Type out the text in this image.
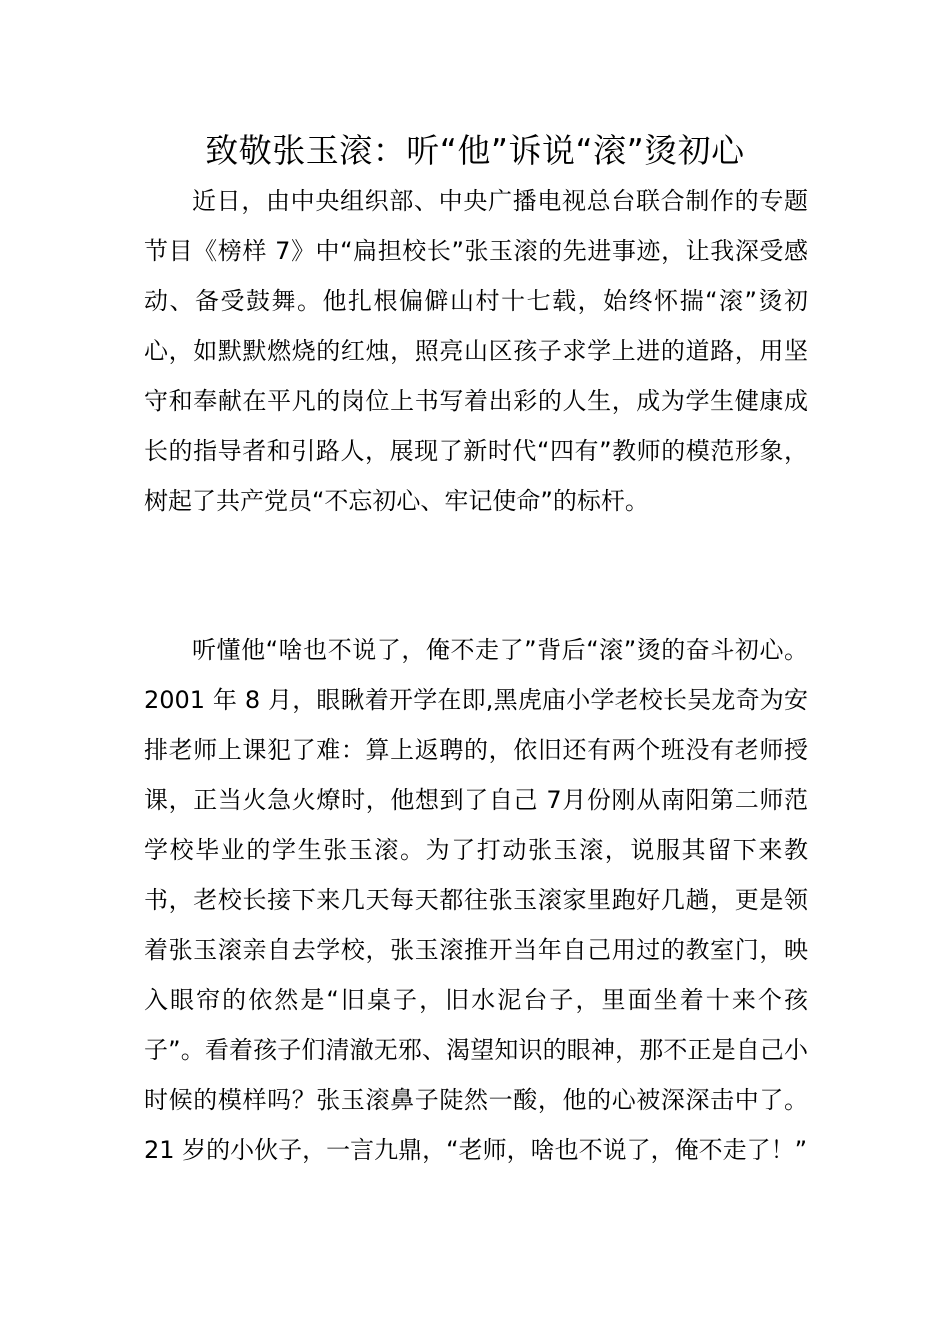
致敬张玉滚：听“他”诉说“滚”烫初心

近日，由中央组织部、中央广播电视总台联合制作的专题节目《榜样 7》中“扁担校长”张玉滚的先进事迹，让我深受感动、备受鼓舞。他扎根偏僻山村十七载，始终怀揣“滚”烫初心，如默默燃烧的红烛，照亮山区孩子求学上进的道路，用坚守和奉献在平凡的岗位上书写着出彩的人生，成为学生健康成长的指导者和引路人，展现了新时代“四有”教师的模范形象，树起了共产党员“不忘初心、牢记使命”的标杆。

听懂他“啥也不说了，俺不走了”背后“滚”烫的奋斗初心。2001 年 8 月，眼瞅着开学在即,黑虎庙小学老校长吴龙奇为安排老师上课犯了难：算上返聘的，依旧还有两个班没有老师授课，正当火急火燎时，他想到了自己 7月份刚从南阳第二师范学校毕业的学生张玉滚。为了打动张玉滚，说服其留下来教书，老校长接下来几天每天都往张玉滚家里跑好几趟，更是领着张玉滚亲自去学校，张玉滚推开当年自己用过的教室门，映入眼帘的依然是“旧桌子，旧水泥台子，里面坐着十来个孩子”。看着孩子们清澈无邪、渴望知识的眼神，那不正是自己小时候的模样吗？张玉滚鼻子陡然一酸，他的心被深深击中了。21 岁的小伙子，一言九鼎，“老师，啥也不说了，俺不走了！”
